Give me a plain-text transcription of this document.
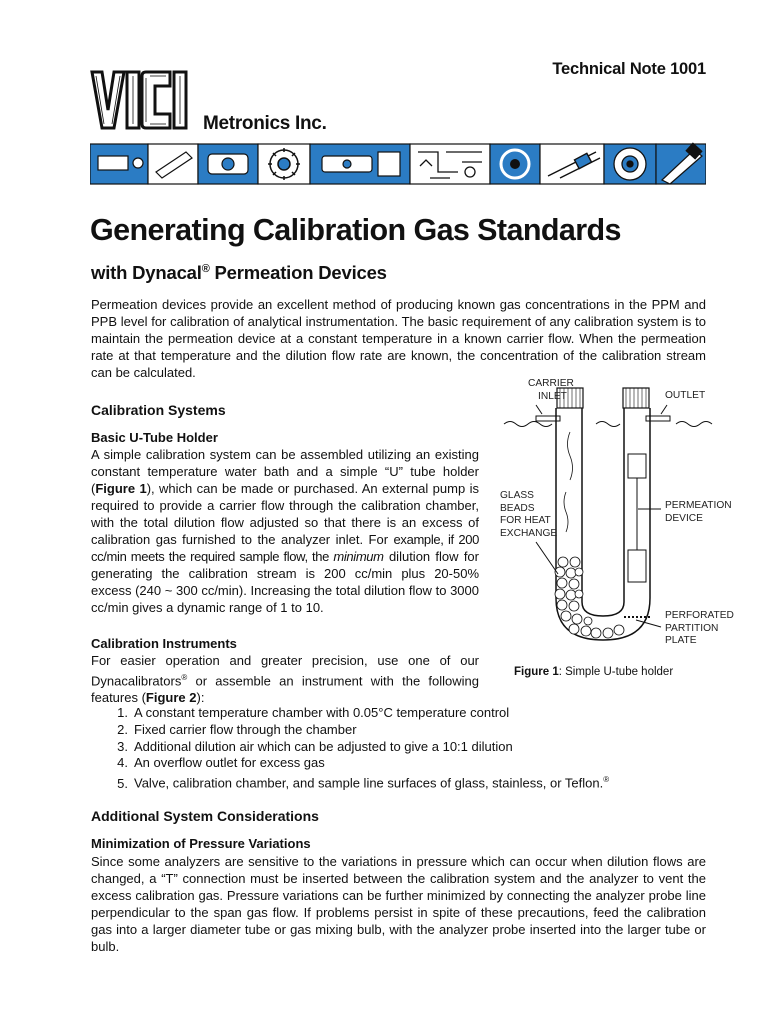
Technical Note 1001
Metronics Inc.
Generating Calibration Gas Standards
with Dynacal® Permeation Devices
Permeation devices provide an excellent method of producing known gas concentrations in the PPM and PPB level for calibration of analytical instrumentation. The basic requirement of any calibration system is to maintain the permeation device at a constant temperature in a known carrier flow. When the permeation rate at that temperature and the dilution flow rate are known, the concentration of the calibration stream can be calculated.
Calibration Systems
Basic U-Tube Holder
A simple calibration system can be assembled utilizing an existing constant temperature water bath and a simple “U” tube holder (Figure 1), which can be made or purchased. An external pump is required to provide a carrier flow through the calibration chamber, with the total dilution flow adjusted so that there is an excess of calibration gas furnished to the analyzer inlet. For example, if 200 cc/min meets the required sample flow, the minimum dilution flow for generating the calibration stream is 200 cc/min plus 20-50% excess (240 ~ 300 cc/min). Increasing the total dilution flow to 3000 cc/min gives a dynamic range of 1 to 10.
Calibration Instruments
For easier operation and greater precision, use one of our Dynacalibrators® or assemble an instrument with the following features (Figure 2):
1. A constant temperature chamber with 0.05°C temperature control
2. Fixed carrier flow through the chamber
3. Additional dilution air which can be adjusted to give a 10:1 dilution
4. An overflow outlet for excess gas
5. Valve, calibration chamber, and sample line surfaces of glass, stainless, or Teflon.®
CARRIER
INLET	OUTLET
GLASS
BEADS
FOR HEAT
EXCHANGE
PERMEATION
DEVICE
PERFORATED
PARTITION
PLATE
Figure 1: Simple U-tube holder
Additional System Considerations
Minimization of Pressure Variations
Since some analyzers are sensitive to the variations in pressure which can occur when dilution flows are changed, a “T” connection must be inserted between the calibration system and the analyzer to vent the excess calibration gas. Pressure variations can be further minimized by connecting the analyzer probe line perpendicular to the span gas flow. If problems persist in spite of these precautions, feed the calibration gas into a larger diameter tube or gas mixing bulb, with the analyzer probe inserted into the larger tube or bulb.
